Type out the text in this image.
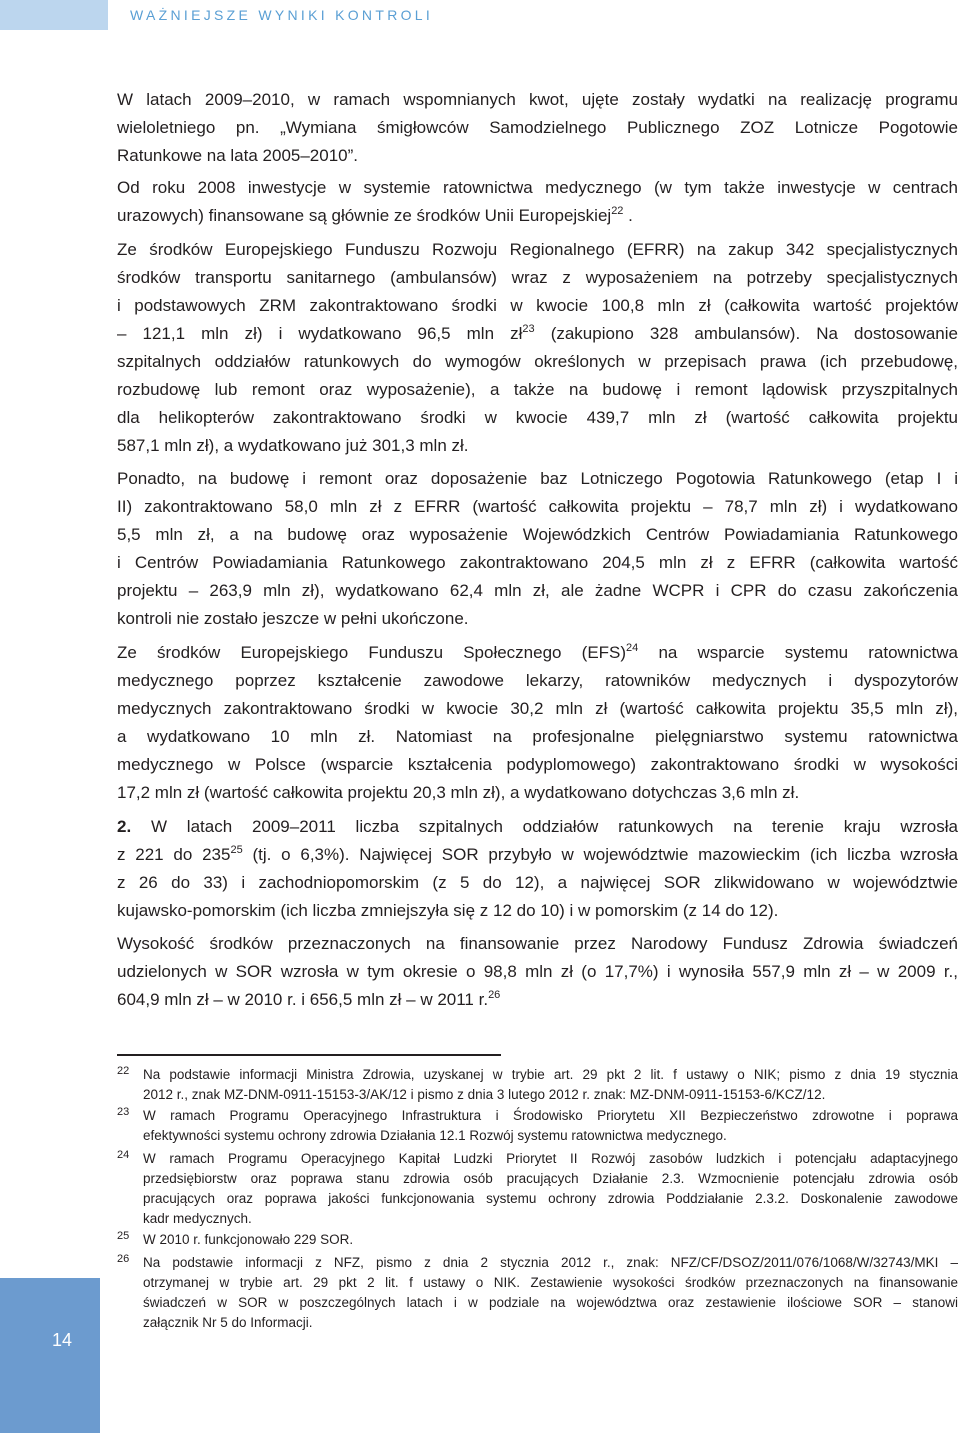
WAŻNIEJSZE WYNIKI KONTROLI
W latach 2009–2010, w ramach wspomnianych kwot, ujęte zostały wydatki na realizację programu
wieloletniego pn. „Wymiana śmigłowców Samodzielnego Publicznego ZOZ Lotnicze Pogotowie
Ratunkowe na lata 2005–2010”.
Od roku 2008 inwestycje w systemie ratownictwa medycznego (w tym także inwestycje w centrach
urazowych) finansowane są głównie ze środków Unii Europejskiej$^{22}$ .
Ze środków Europejskiego Funduszu Rozwoju Regionalnego (EFRR) na zakup 342 specjalistycznych
środków transportu sanitarnego (ambulansów) wraz z wyposażeniem na potrzeby specjalistycznych
i podstawowych ZRM zakontraktowano środki w kwocie 100,8 mln zł (całkowita wartość projektów
– 121,1 mln zł) i wydatkowano 96,5 mln zł$^{23}$ (zakupiono 328 ambulansów). Na dostosowanie
szpitalnych oddziałów ratunkowych do wymogów określonych w przepisach prawa (ich przebudowę,
rozbudowę lub remont oraz wyposażenie), a także na budowę i remont lądowisk przyszpitalnych
dla helikopterów zakontraktowano środki w kwocie 439,7 mln zł (wartość całkowita projektu
587,1 mln zł), a wydatkowano już 301,3 mln zł.
Ponadto, na budowę i remont oraz doposażenie baz Lotniczego Pogotowia Ratunkowego (etap I i
II) zakontraktowano 58,0 mln zł z EFRR (wartość całkowita projektu – 78,7 mln zł) i wydatkowano
5,5 mln zł, a na budowę oraz wyposażenie Wojewódzkich Centrów Powiadamiania Ratunkowego
i Centrów Powiadamiania Ratunkowego zakontraktowano 204,5 mln zł z EFRR (całkowita wartość
projektu – 263,9 mln zł), wydatkowano 62,4 mln zł, ale żadne WCPR i CPR do czasu zakończenia
kontroli nie zostało jeszcze w pełni ukończone.
Ze środków Europejskiego Funduszu Społecznego (EFS)$^{24}$ na wsparcie systemu ratownictwa
medycznego poprzez kształcenie zawodowe lekarzy, ratowników medycznych i dyspozytorów
medycznych zakontraktowano środki w kwocie 30,2 mln zł (wartość całkowita projektu 35,5 mln zł),
a wydatkowano 10 mln zł. Natomiast na profesjonalne pielęgniarstwo systemu ratownictwa
medycznego w Polsce (wsparcie kształcenia podyplomowego) zakontraktowano środki w wysokości
17,2 mln zł (wartość całkowita projektu 20,3 mln zł), a wydatkowano dotychczas 3,6 mln zł.
2. W latach 2009–2011 liczba szpitalnych oddziałów ratunkowych na terenie kraju wzrosła
z 221 do 235$^{25}$ (tj. o 6,3%). Najwięcej SOR przybyło w województwie mazowieckim (ich liczba wzrosła
z 26 do 33) i zachodniopomorskim (z 5 do 12), a najwięcej SOR zlikwidowano w województwie
kujawsko-pomorskim (ich liczba zmniejszyła się z 12 do 10) i w pomorskim (z 14 do 12).
Wysokość środków przeznaczonych na finansowanie przez Narodowy Fundusz Zdrowia świadczeń
udzielonych w SOR wzrosła w tym okresie o 98,8 mln zł (o 17,7%) i wynosiła 557,9 mln zł – w 2009 r.,
604,9 mln zł – w 2010 r. i 656,5 mln zł – w 2011 r.$^{26}$
22 Na podstawie informacji Ministra Zdrowia, uzyskanej w trybie art. 29 pkt 2 lit. f ustawy o NIK; pismo z dnia 19 stycznia
2012 r., znak MZ-DNM-0911-15153-3/AK/12 i pismo z dnia 3 lutego 2012 r. znak: MZ-DNM-0911-15153-6/KCZ/12.
23 W ramach Programu Operacyjnego Infrastruktura i Środowisko Priorytetu XII Bezpieczeństwo zdrowotne i poprawa
efektywności systemu ochrony zdrowia Działania 12.1 Rozwój systemu ratownictwa medycznego.
24 W ramach Programu Operacyjnego Kapitał Ludzki Priorytet II Rozwój zasobów ludzkich i potencjału adaptacyjnego
przedsiębiorstw oraz poprawa stanu zdrowia osób pracujących Działanie 2.3. Wzmocnienie potencjału zdrowia osób
pracujących oraz poprawa jakości funkcjonowania systemu ochrony zdrowia Poddziałanie 2.3.2. Doskonalenie zawodowe
kadr medycznych.
25 W 2010 r. funkcjonowało 229 SOR.
26 Na podstawie informacji z NFZ, pismo z dnia 2 stycznia 2012 r., znak: NFZ/CF/DSOZ/2011/076/1068/W/32743/MKI –
otrzymanej w trybie art. 29 pkt 2 lit. f ustawy o NIK. Zestawienie wysokości środków przeznaczonych na finansowanie
świadczeń w SOR w poszczególnych latach i w podziale na województwa oraz zestawienie ilościowe SOR – stanowi
załącznik Nr 5 do Informacji.
14
